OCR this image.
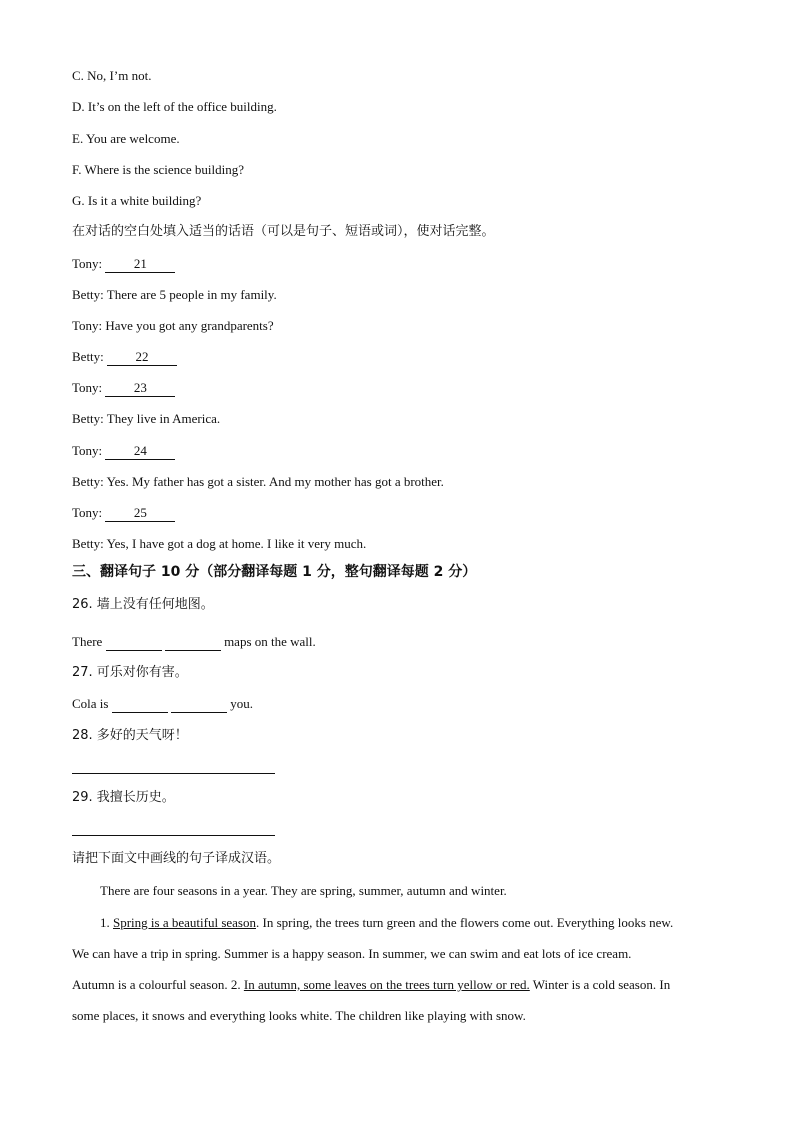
C. No, I’m not.
D. It’s on the left of the office building.
E. You are welcome.
F. Where is the science building?
G. Is it a white building?
在对话的空白处填入适当的话语（可以是句子、短语或词），使对话完整。
Tony: 21
Betty: There are 5 people in my family.
Tony: Have you got any grandparents?
Betty: 22
Tony: 23
Betty: They live in America.
Tony: 24
Betty: Yes. My father has got a sister. And my mother has got a brother.
Tony: 25
Betty: Yes, I have got a dog at home. I like it very much.
三、翻译句子 10 分（部分翻译每题 1 分，整句翻译每题 2 分）
26. 墙上没有任何地图。
There	maps on the wall.
27. 可乐对你有害。
Cola is	you.
28. 多好的天气呀！
29. 我擅长历史。
请把下面文中画线的句子译成汉语。
There are four seasons in a year. They are spring, summer, autumn and winter.
1. Spring is a beautiful season. In spring, the trees turn green and the flowers come out. Everything looks new.
We can have a trip in spring. Summer is a happy season. In summer, we can swim and eat lots of ice cream.
Autumn is a colourful season. 2. In autumn, some leaves on the trees turn yellow or red. Winter is a cold season. In
some places, it snows and everything looks white. The children like playing with snow.
